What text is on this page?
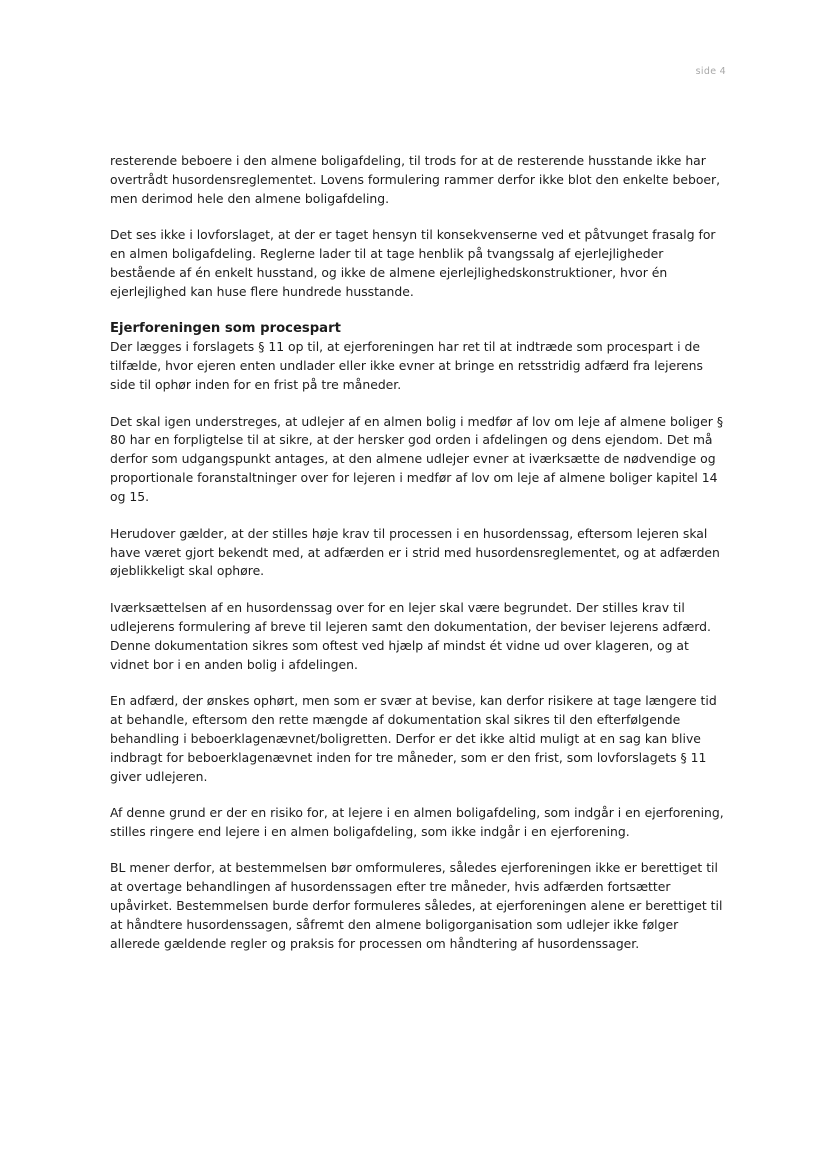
side 4

resterende beboere i den almene boligafdeling, til trods for at de resterende husstande ikke har overtrådt husordensreglementet. Lovens formulering rammer derfor ikke blot den enkelte beboer, men derimod hele den almene boligafdeling.

Det ses ikke i lovforslaget, at der er taget hensyn til konsekvenserne ved et påtvunget frasalg for en almen boligafdeling. Reglerne lader til at tage henblik på tvangssalg af ejerlejligheder bestående af én enkelt husstand, og ikke de almene ejerlejlighedskonstruktioner, hvor én ejerlejlighed kan huse flere hundrede husstande.

Ejerforeningen som procespart

Der lægges i forslagets § 11 op til, at ejerforeningen har ret til at indtræde som procespart i de tilfælde, hvor ejeren enten undlader eller ikke evner at bringe en retsstridig adfærd fra lejerens side til ophør inden for en frist på tre måneder.

Det skal igen understreges, at udlejer af en almen bolig i medfør af lov om leje af almene boliger § 80 har en forpligtelse til at sikre, at der hersker god orden i afdelingen og dens ejendom. Det må derfor som udgangspunkt antages, at den almene udlejer evner at iværksætte de nødvendige og proportionale foranstaltninger over for lejeren i medfør af lov om leje af almene boliger kapitel 14 og 15.

Herudover gælder, at der stilles høje krav til processen i en husordenssag, eftersom lejeren skal have været gjort bekendt med, at adfærden er i strid med husordensreglementet, og at adfærden øjeblikkeligt skal ophøre.

Iværksættelsen af en husordenssag over for en lejer skal være begrundet. Der stilles krav til udlejerens formulering af breve til lejeren samt den dokumentation, der beviser lejerens adfærd. Denne dokumentation sikres som oftest ved hjælp af mindst ét vidne ud over klageren, og at vidnet bor i en anden bolig i afdelingen.

En adfærd, der ønskes ophørt, men som er svær at bevise, kan derfor risikere at tage længere tid at behandle, eftersom den rette mængde af dokumentation skal sikres til den efterfølgende behandling i beboerklagenævnet/boligretten. Derfor er det ikke altid muligt at en sag kan blive indbragt for beboerklagenævnet inden for tre måneder, som er den frist, som lovforslagets § 11 giver udlejeren.

Af denne grund er der en risiko for, at lejere i en almen boligafdeling, som indgår i en ejerforening, stilles ringere end lejere i en almen boligafdeling, som ikke indgår i en ejerforening.

BL mener derfor, at bestemmelsen bør omformuleres, således ejerforeningen ikke er berettiget til at overtage behandlingen af husordenssagen efter tre måneder, hvis adfærden fortsætter upåvirket. Bestemmelsen burde derfor formuleres således, at ejerforeningen alene er berettiget til at håndtere husordenssagen, såfremt den almene boligorganisation som udlejer ikke følger allerede gældende regler og praksis for processen om håndtering af husordenssager.
